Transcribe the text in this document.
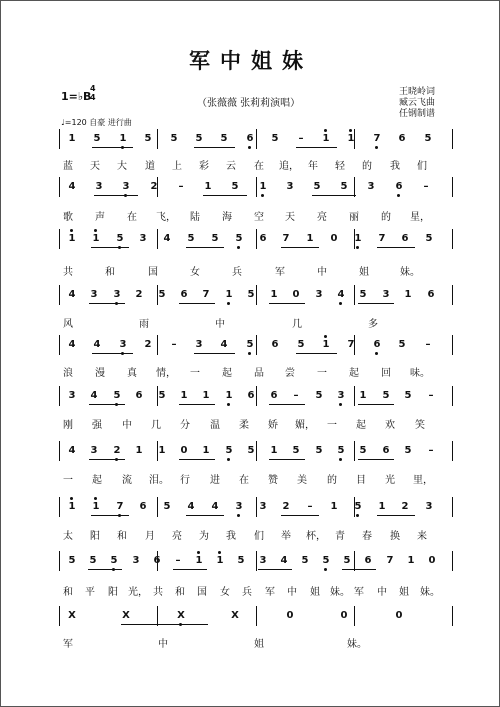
军中姐妹
1=♭B
4
4
（张薇薇 张莉莉演唱）
王晓岭词
臧云飞曲
任钢制谱
♩=120 自豪 进行曲
1 5 1 5 5 5 5 6 5 – 1 1 7 6 5
蓝 天 大 道 上 彩 云 在 追， 年 轻 的 我 们
4 3 3 2 – 1 5 1 3 5 5 3 6 –
歌 声 在 飞， 陆 海 空 天 亮 丽 的 星，
1 1 5 3 4 5 5 5 6 7 1 0 1 7 6 5
共	和	国	女	兵	军	中	姐	妹。
4 3 3 2 5 6 7 1 5 1 0 3 4 5 3 1 6
风	雨	中	几	多
4 4 3 2 – 3 4 5 6 5 1 7 6 5 –
浪 漫 真 情， 一 起 品 尝 一 起 回 味。
3 4 5 6 5 1 1 1 6 6 – 5 3 1 5 5 –
刚 强 中 几 分 温 柔 娇 媚， 一 起 欢 笑
4 3 2 1 1 0 1 5 5 1 5 5 5 5 6 5 –
一 起 流 泪。 行 进 在 赞 美 的 目 光 里，
1 1 7 6 5 4 4 3 3 2 – 1 5 1 2 3
太 阳 和 月 亮 为 我 们 举 杯， 青 春 换 来
5 5 5 3 6 – 1 1 5 3 4 5 5 5 6 7 1 0
和 平 阳 光， 共 和 国 女 兵 军 中 姐 妹。 军 中 姐 妹。
X	X	X	X	0	0	0
军	中	姐	妹。
